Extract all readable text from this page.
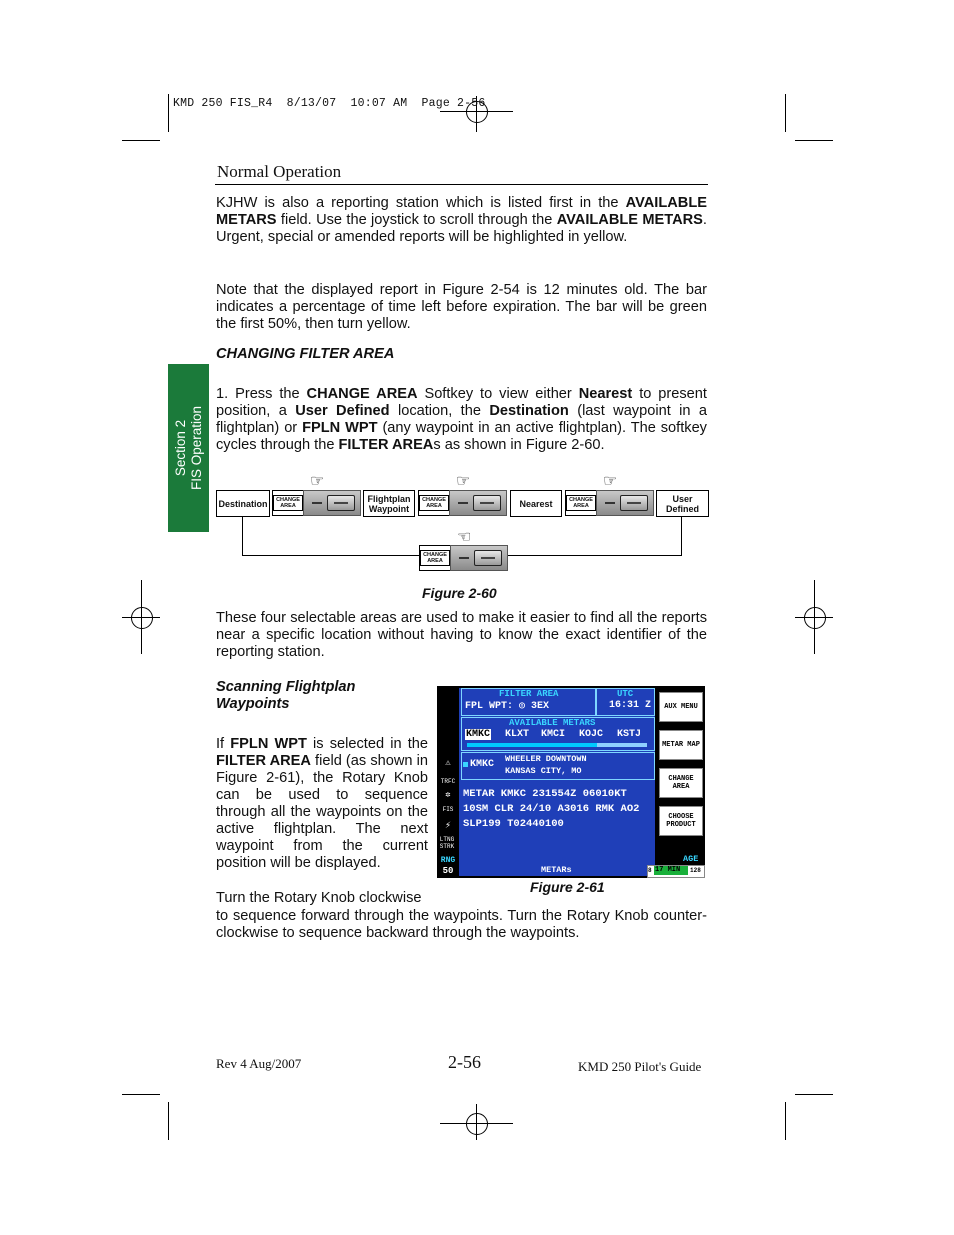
KMD 250 FIS_R4  8/13/07  10:07 AM  Page 2-56
Normal Operation
Section 2 FIS Operation
KJHW is also a reporting station which is listed first in the AVAILABLE METARS field. Use the joystick to scroll through the AVAILABLE METARS. Urgent, special or amended reports will be highlighted in yellow.
Note that the displayed report in Figure 2-54 is 12 minutes old. The bar indicates a percentage of time left before expiration. The bar will be green the first 50%, then turn yellow.
CHANGING FILTER AREA
1. Press the CHANGE AREA Softkey to view either Nearest to present position, a User Defined location, the Destination (last waypoint in a flightplan) or FPLN WPT (any waypoint in an active flightplan). The softkey cycles through the FILTER AREAs as shown in Figure 2-60.
Destination	CHANGE AREA
☞
Flightplan Waypoint
CHANGE AREA
☞
Nearest	CHANGE AREA
☞
User Defined
CHANGE AREA
☜
Figure 2-60
These four selectable areas are used to make it easier to find all the reports near a specific location without having to know the exact identifier of the reporting station.
Scanning Flightplan Waypoints
If FPLN WPT is selected in the FILTER AREA field (as shown in Figure 2-61), the Rotary Knob can be used to sequence through all the waypoints on the active flightplan. The next waypoint from the current position will be displayed.
FILTER AREA
FPL WPT: ◎ 3EX
UTC
16:31 Z
AVAILABLE METARS
KMKC KLXT KMCI KOJC KSTJ
KMKC WHEELER DOWNTOWN
KANSAS CITY, MO
METAR KMKC 231554Z 06010KT
10SM CLR 24/10 A3016 RMK AO2
SLP199 T02440100
METARs
⚠
TRFC
✲
FIS
⚡
LTNG STRK
RNG
50
AUX MENU
METAR MAP
CHANGE AREA
CHOOSE PRODUCT
AGE
17 MIN
8	128
Figure 2-61
Turn the Rotary Knob clockwise
to sequence forward through the waypoints. Turn the Rotary Knob counter-clockwise to sequence backward through the waypoints.
Rev 4 Aug/2007	2-56	KMD 250 Pilot's Guide
